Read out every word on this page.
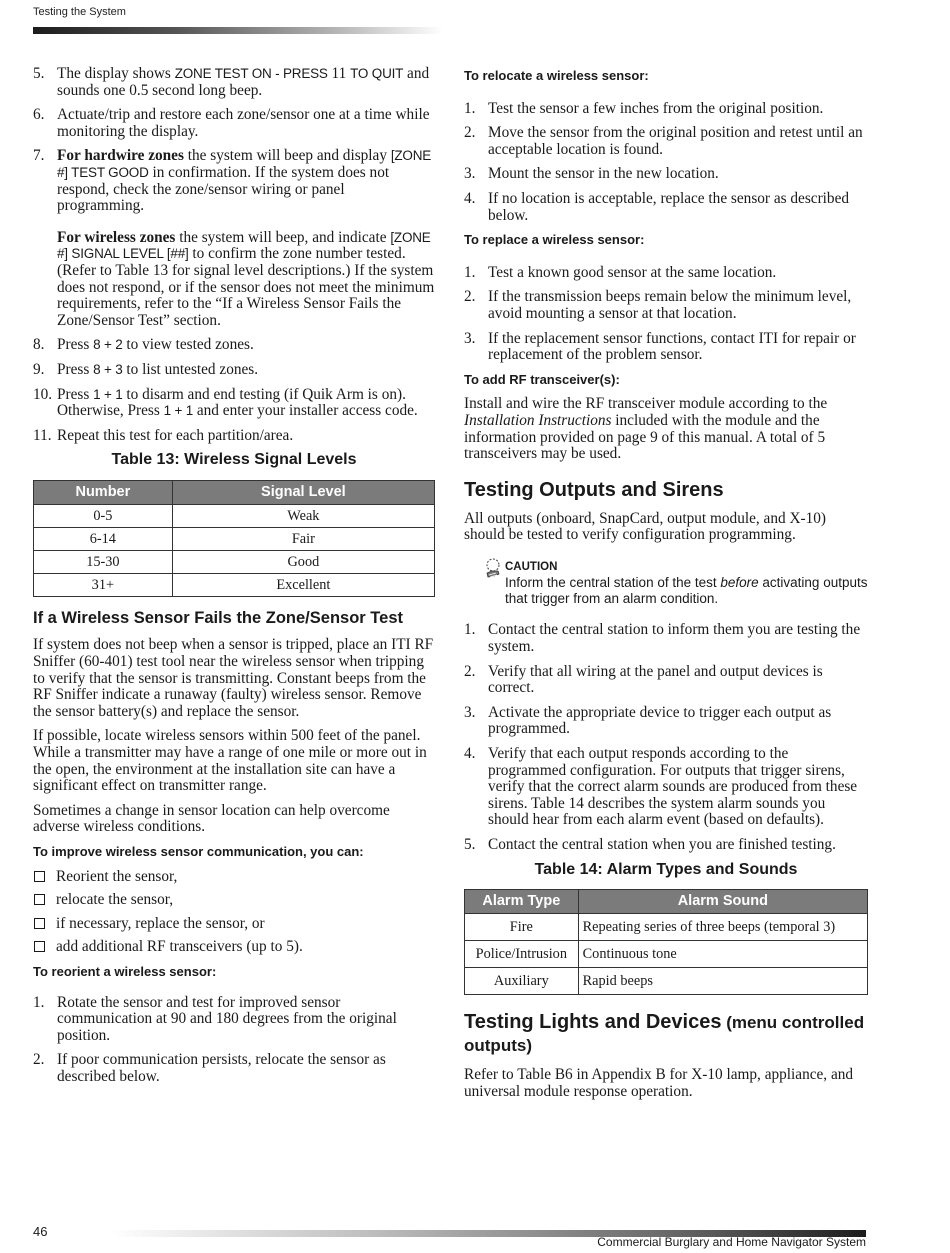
Testing the System
5. The display shows ZONE TEST ON - PRESS 11 TO QUIT and sounds one 0.5 second long beep.
6. Actuate/trip and restore each zone/sensor one at a time while monitoring the display.
7. For hardwire zones the system will beep and display [ZONE #] TEST GOOD in confirmation. If the system does not respond, check the zone/sensor wiring or panel programming.
For wireless zones the system will beep, and indicate [ZONE #] SIGNAL LEVEL [##] to confirm the zone number tested. (Refer to Table 13 for signal level descriptions.) If the system does not respond, or if the sensor does not meet the minimum requirements, refer to the “If a Wireless Sensor Fails the Zone/Sensor Test” section.
8. Press 8 + 2 to view tested zones.
9. Press 8 + 3 to list untested zones.
10. Press 1 + 1 to disarm and end testing (if Quik Arm is on). Otherwise, Press 1 + 1 and enter your installer access code.
11. Repeat this test for each partition/area.
Table 13: Wireless Signal Levels
Number	Signal Level
0-5	Weak
6-14	Fair
15-30	Good
31+	Excellent
If a Wireless Sensor Fails the Zone/Sensor Test

If system does not beep when a sensor is tripped, place an ITI RF Sniffer (60-401) test tool near the wireless sensor when tripping to verify that the sensor is transmitting. Constant beeps from the RF Sniffer indicate a runaway (faulty) wireless sensor. Remove the sensor battery(s) and replace the sensor.

If possible, locate wireless sensors within 500 feet of the panel. While a transmitter may have a range of one mile or more out in the open, the environment at the installation site can have a significant effect on transmitter range.

Sometimes a change in sensor location can help overcome adverse wireless conditions.

To improve wireless sensor communication, you can:
Reorient the sensor,
relocate the sensor,
if necessary, replace the sensor, or
add additional RF transceivers (up to 5).
To reorient a wireless sensor:
1. Rotate the sensor and test for improved sensor communication at 90 and 180 degrees from the original position.
2. If poor communication persists, relocate the sensor as described below.
To relocate a wireless sensor:
1. Test the sensor a few inches from the original position.
2. Move the sensor from the original position and retest until an acceptable location is found.
3. Mount the sensor in the new location.
4. If no location is acceptable, replace the sensor as described below.
To replace a wireless sensor:
1. Test a known good sensor at the same location.
2. If the transmission beeps remain below the minimum level, avoid mounting a sensor at that location.
3. If the replacement sensor functions, contact ITI for repair or replacement of the problem sensor.
To add RF transceiver(s):

Install and wire the RF transceiver module according to the Installation Instructions included with the module and the information provided on page 9 of this manual. A total of 5 transceivers may be used.

Testing Outputs and Sirens

All outputs (onboard, SnapCard, output module, and X-10) should be tested to verify configuration programming.

CAUTION
Inform the central station of the test before activating outputs that trigger from an alarm condition.
1. Contact the central station to inform them you are testing the system.
2. Verify that all wiring at the panel and output devices is correct.
3. Activate the appropriate device to trigger each output as programmed.
4. Verify that each output responds according to the programmed configuration. For outputs that trigger sirens, verify that the correct alarm sounds are produced from these sirens. Table 14 describes the system alarm sounds you should hear from each alarm event (based on defaults).
5. Contact the central station when you are finished testing.
Table 14: Alarm Types and Sounds
Alarm Type	Alarm Sound
Fire	Repeating series of three beeps (temporal 3)
Police/Intrusion	Continuous tone
Auxiliary	Rapid beeps
Testing Lights and Devices (menu controlled outputs)

Refer to Table B6 in Appendix B for X-10 lamp, appliance, and universal module response operation.

46
Commercial Burglary and Home Navigator System
